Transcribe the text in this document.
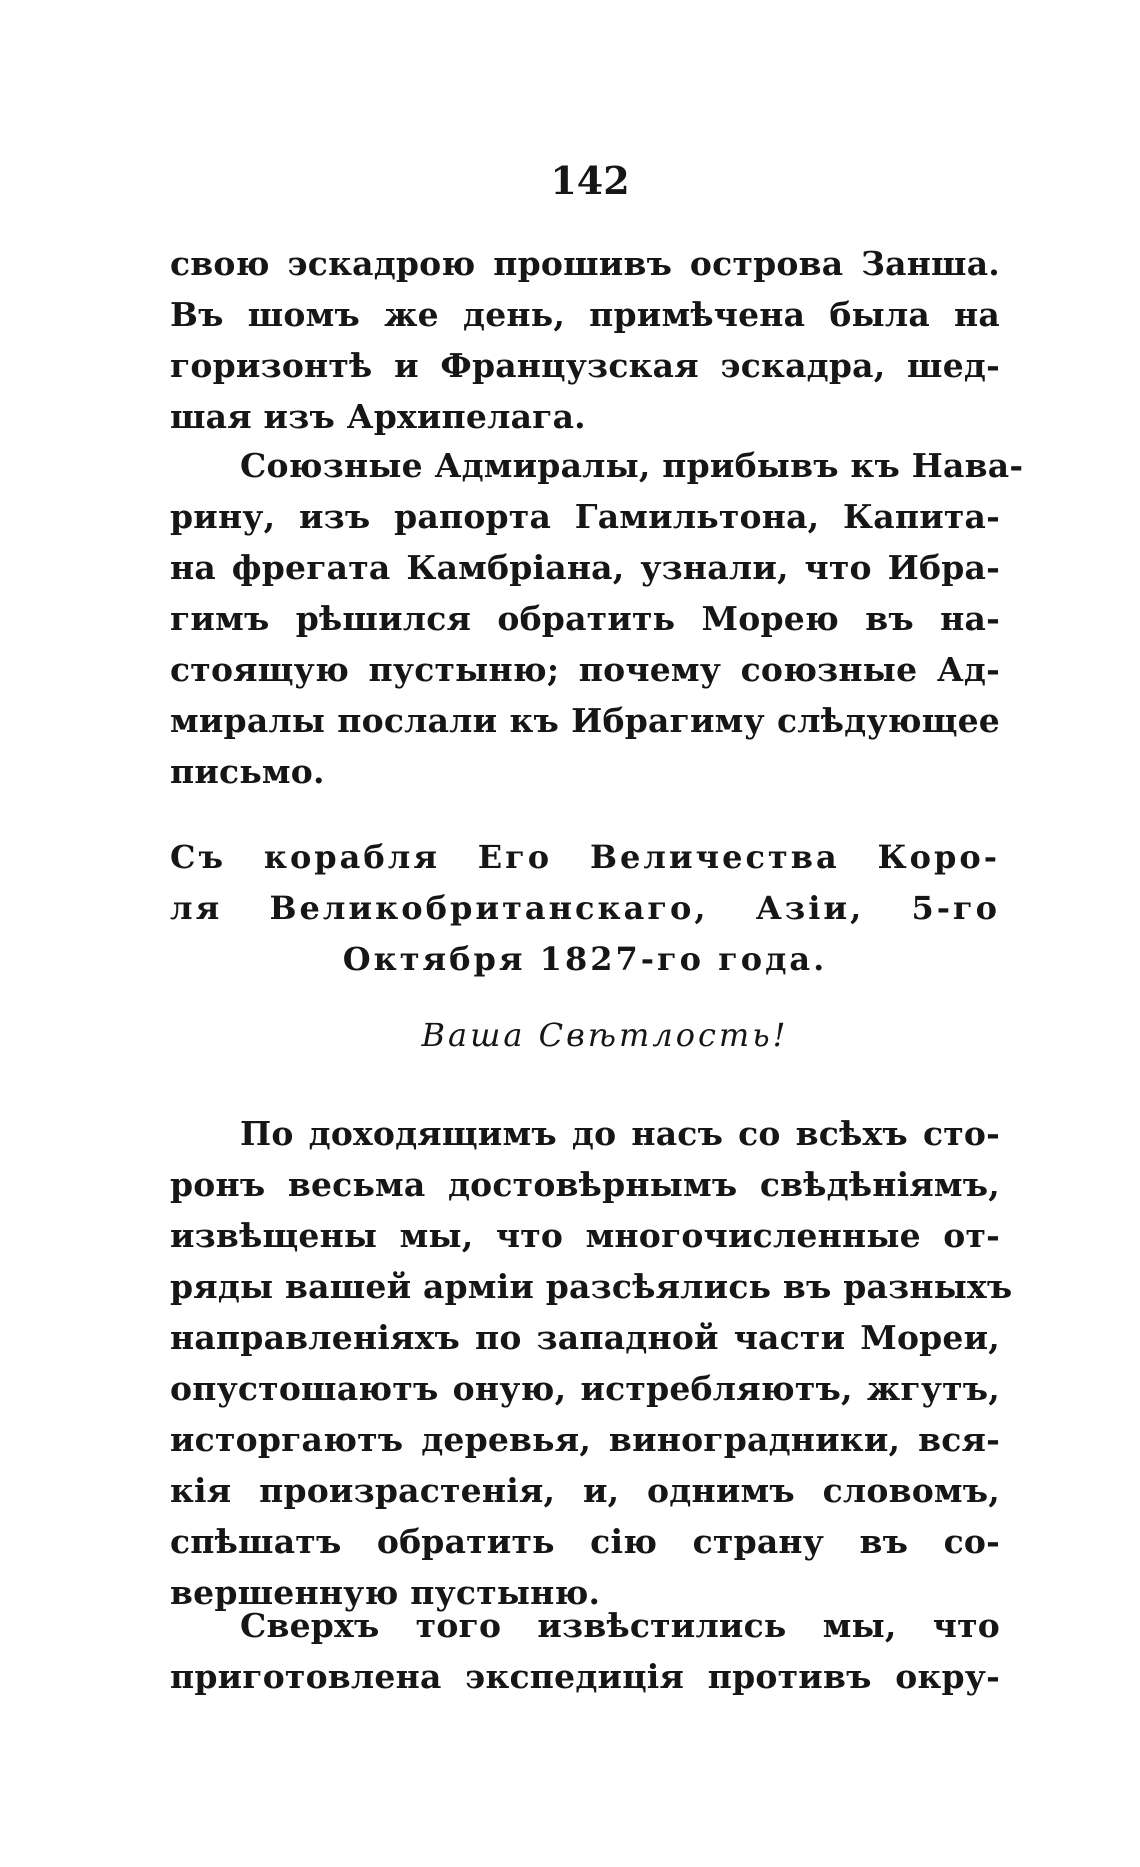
142
свою эскадрою прошивъ острова Занша.
Въ шомъ же день, примѣчена была на
горизонтѣ и Французская эскадра, шед-
шая изъ Архипелага.
Союзные Адмиралы, прибывъ къ Нава-
рину, изъ рапорта Гамильтона, Капита-
на фрегата Камбріана, узнали, что Ибра-
гимъ рѣшился обратить Морею въ на-
стоящую пустыню; почему союзные Ад-
миралы послали къ Ибрагиму слѣдующее
письмо.
Съ корабля Его Величества Коро-
ля Великобританскаго, Азіи, 5-го
Октября 1827-го года.
Ваша Свѣтлость!
По доходящимъ до насъ со всѣхъ сто-
ронъ весьма достовѣрнымъ свѣдѣніямъ,
извѣщены мы, что многочисленные от-
ряды вашей арміи разсѣялись въ разныхъ
направленіяхъ по западной части Мореи,
опустошаютъ оную, истребляютъ, жгутъ,
исторгаютъ деревья, виноградники, вся-
кія произрастенія, и, однимъ словомъ,
спѣшатъ обратить сію страну въ со-
вершенную пустыню.
Сверхъ того извѣстились мы, что
приготовлена экспедиція противъ окру-
